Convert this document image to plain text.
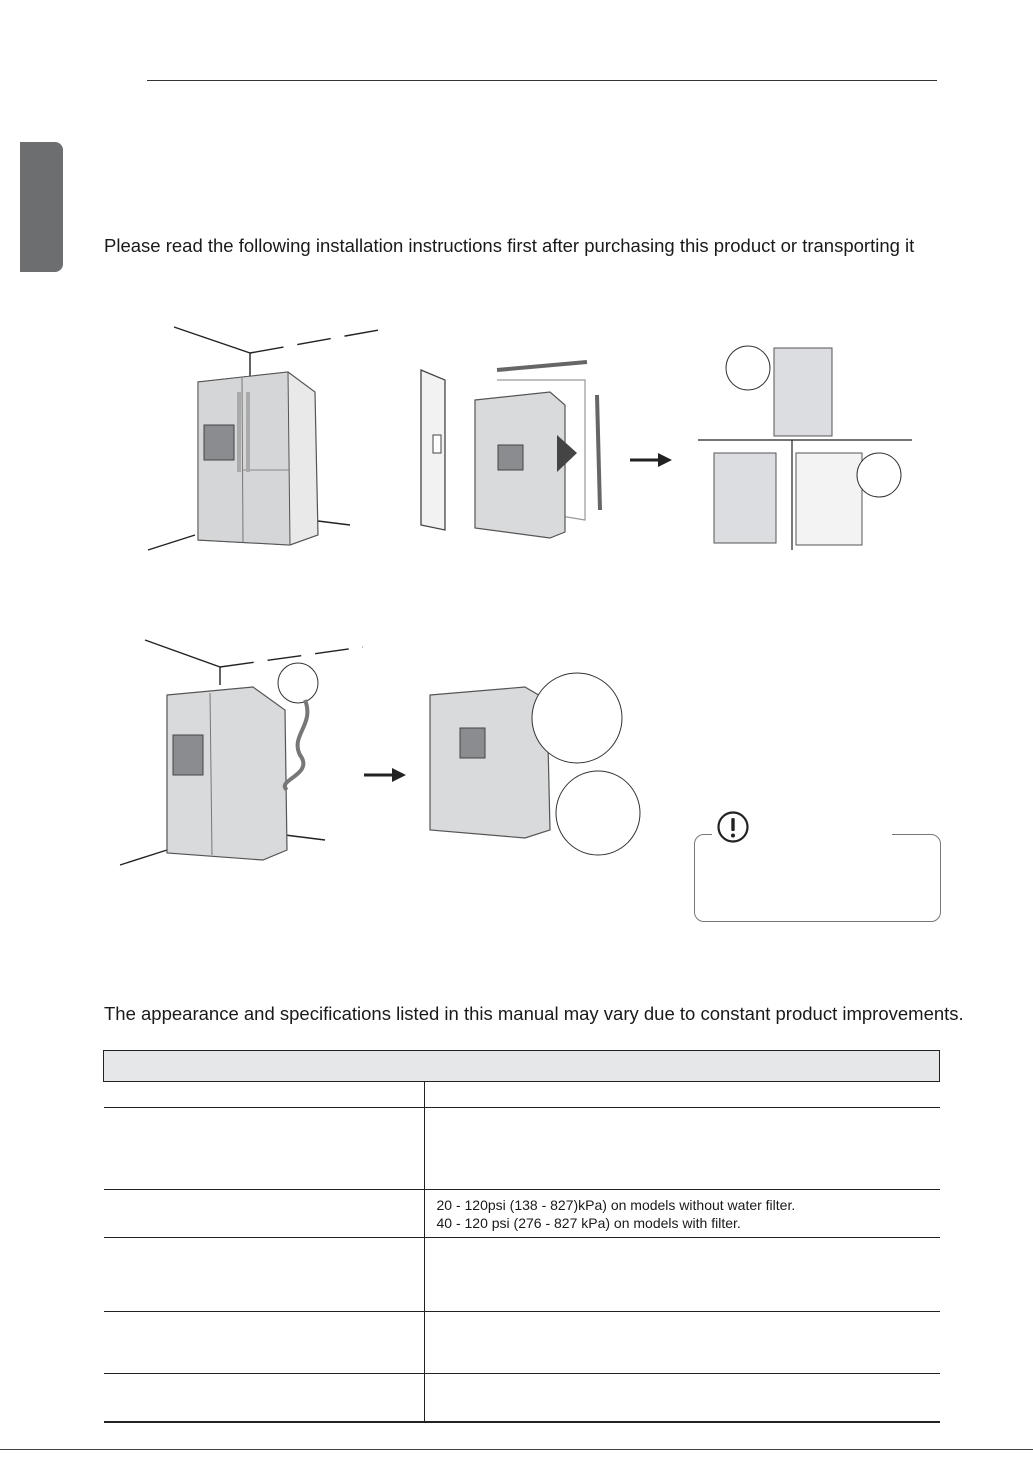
Please read the following installation instructions first after purchasing this product or transporting it
The appearance and specifications listed in this manual may vary due to constant product improvements.

	20 - 120psi (138 - 827)kPa) on models without water filter.
40 - 120 psi (276 - 827 kPa) on models with filter.
